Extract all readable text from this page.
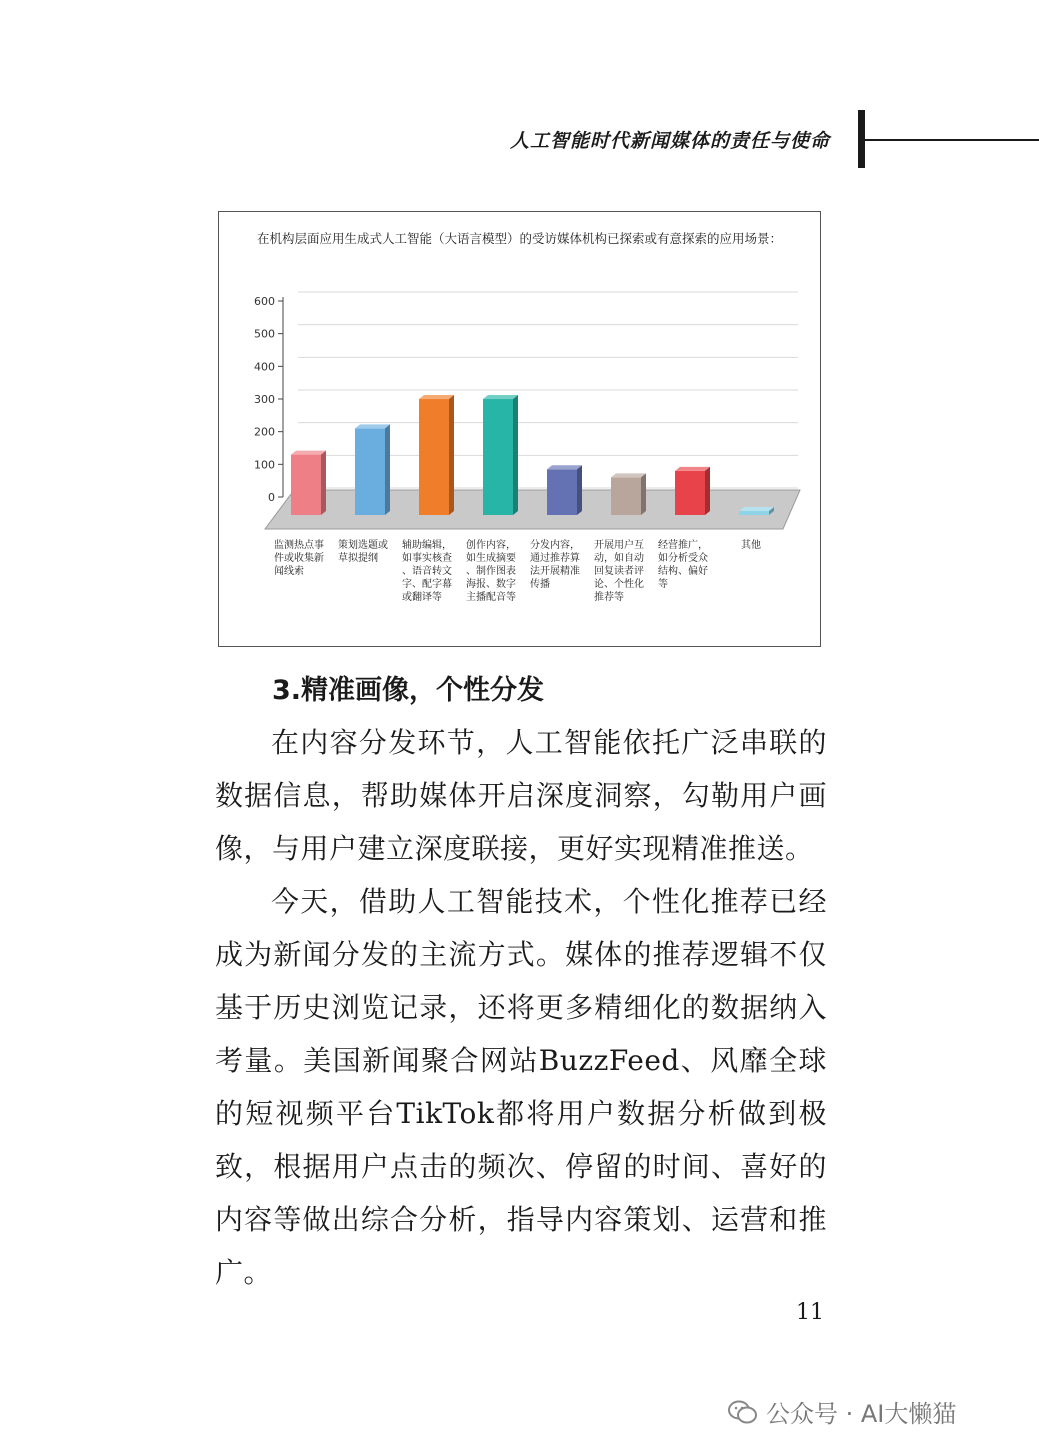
人工智能时代新闻媒体的责任与使命
在机构层面应用生成式人工智能（大语言模型）的受访媒体机构已探索或有意探索的应用场景：
0
100
200
300
400
500
600
监测热点事件或收集新闻线索
策划选题或草拟提纲
辅助编辑，如事实核查、语音转文字、配字幕或翻译等
创作内容，如生成摘要、制作图表海报、数字主播配音等
分发内容，通过推荐算法开展精准传播
开展用户互动，如自动回复读者评论、个性化推荐等
经营推广，如分析受众结构、偏好等
其他
3.精准画像，个性分发

在内容分发环节，人工智能依托广泛串联的数据信息，帮助媒体开启深度洞察，勾勒用户画像，与用户建立深度联接，更好实现精准推送。

今天，借助人工智能技术，个性化推荐已经成为新闻分发的主流方式。媒体的推荐逻辑不仅基于历史浏览记录，还将更多精细化的数据纳入考量。美国新闻聚合网站BuzzFeed、风靡全球的短视频平台TikTok都将用户数据分析做到极致，根据用户点击的频次、停留的时间、喜好的内容等做出综合分析，指导内容策划、运营和推广。

11
公众号 · AI大懒猫
